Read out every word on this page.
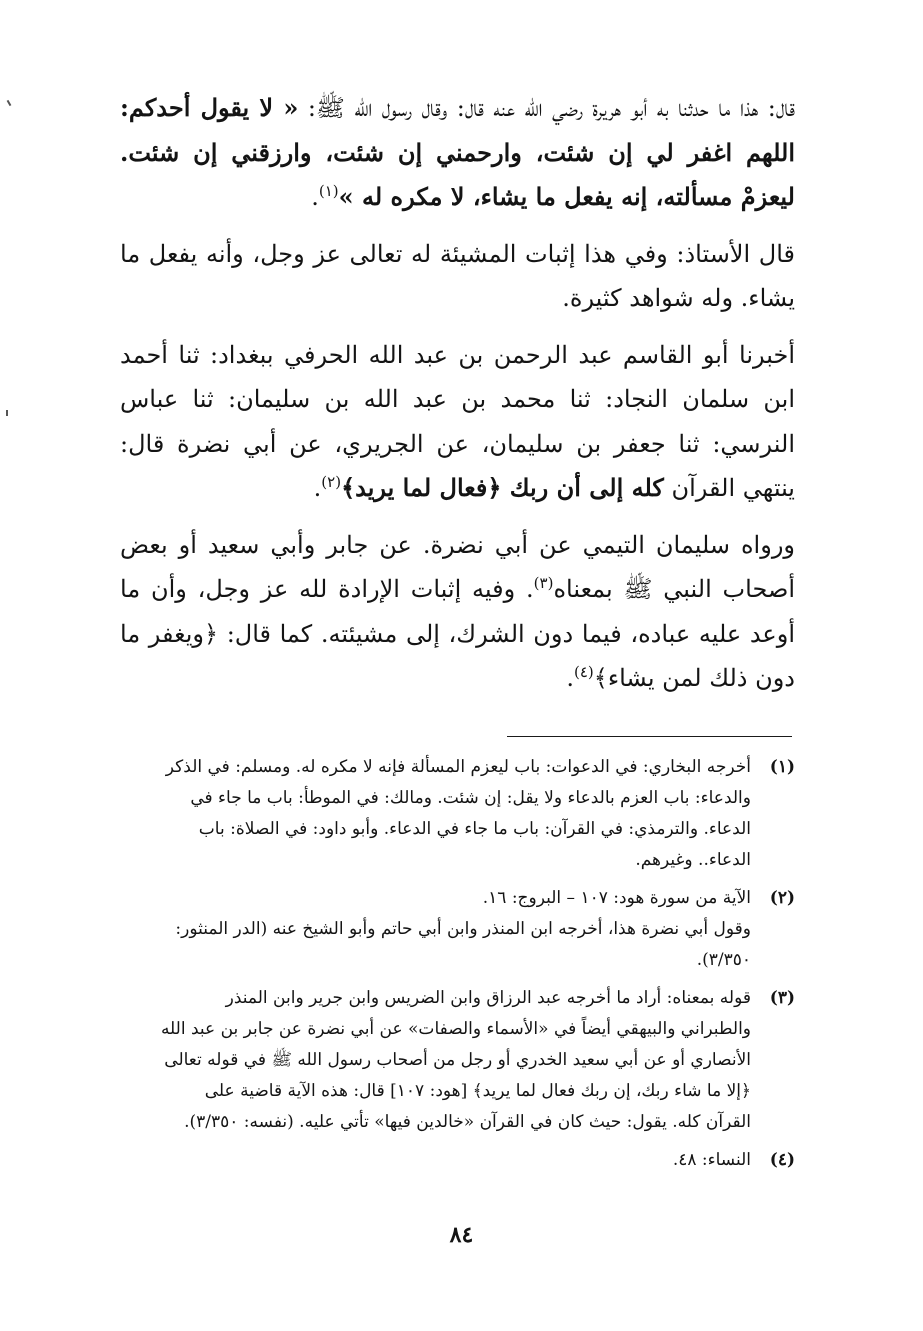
قال: هذا ما حدثنا به أبو هريرة رضي الله عنه قال: وقال رسول الله ﷺ: « لا يقول أحدكم: اللهم اغفر لي إن شئت، وارحمني إن شئت، وارزقني إن شئت. ليعزمْ مسألته، إنه يفعل ما يشاء، لا مكره له »$^{(١)}$.

قال الأستاذ: وفي هذا إثبات المشيئة له تعالى عز وجل، وأنه يفعل ما يشاء. وله شواهد كثيرة.

أخبرنا أبو القاسم عبد الرحمن بن عبد الله الحرفي ببغداد: ثنا أحمد ابن سلمان النجاد: ثنا محمد بن عبد الله بن سليمان: ثنا عباس النرسي: ثنا جعفر بن سليمان، عن الجريري، عن أبي نضرة قال: ينتهي القرآن كله إلى أن ربك ﴿فعال لما يريد﴾$^{(٢)}$.

ورواه سليمان التيمي عن أبي نضرة. عن جابر وأبي سعيد أو بعض أصحاب النبي ﷺ بمعناه$^{(٣)}$. وفيه إثبات الإرادة لله عز وجل، وأن ما أوعد عليه عباده، فيما دون الشرك، إلى مشيئته. كما قال: ﴿ويغفر ما دون ذلك لمن يشاء﴾$^{(٤)}$.

(١)
أخرجه البخاري: في الدعوات: باب ليعزم المسألة فإنه لا مكره له. ومسلم: في الذكر
والدعاء: باب العزم بالدعاء ولا يقل: إن شئت. ومالك: في الموطأ: باب ما جاء في
الدعاء. والترمذي: في القرآن: باب ما جاء في الدعاء. وأبو داود: في الصلاة: باب
الدعاء.. وغيرهم.
(٢)
الآية من سورة هود: ١٠٧ – البروج: ١٦.
وقول أبي نضرة هذا، أخرجه ابن المنذر وابن أبي حاتم وأبو الشيخ عنه (الدر المنثور:
٣/٣٥٠).
(٣)
قوله بمعناه: أراد ما أخرجه عبد الرزاق وابن الضريس وابن جرير وابن المنذر
والطبراني والبيهقي أيضاً في «الأسماء والصفات» عن أبي نضرة عن جابر بن عبد الله
الأنصاري أو عن أبي سعيد الخدري أو رجل من أصحاب رسول الله ﷺ في قوله تعالى
﴿إلا ما شاء ربك، إن ربك فعال لما يريد﴾ [هود: ١٠٧] قال: هذه الآية قاضية على
القرآن كله. يقول: حيث كان في القرآن «خالدين فيها» تأتي عليه. (نفسه: ٣/٣٥٠).
(٤)
النساء: ٤٨.
٨٤
